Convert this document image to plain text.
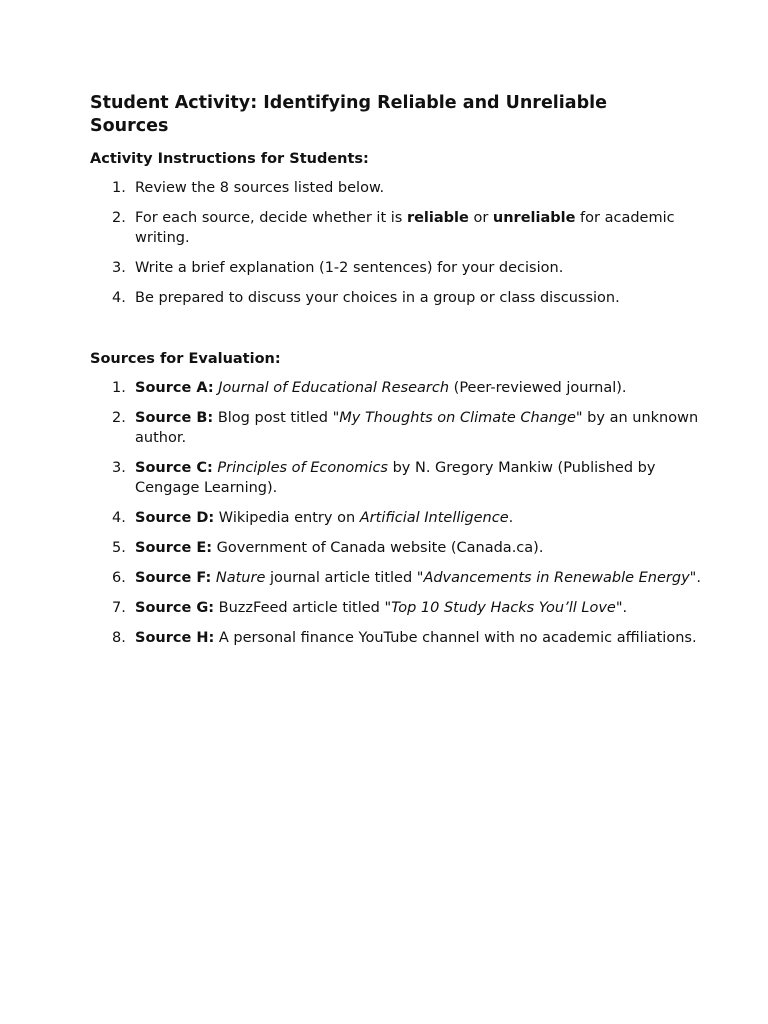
Student Activity: Identifying Reliable and Unreliable Sources
Activity Instructions for Students:
1. Review the 8 sources listed below.
2. For each source, decide whether it is reliable or unreliable for academic writing.
3. Write a brief explanation (1-2 sentences) for your decision.
4. Be prepared to discuss your choices in a group or class discussion.
Sources for Evaluation:
1. Source A: Journal of Educational Research (Peer-reviewed journal).
2. Source B: Blog post titled "My Thoughts on Climate Change" by an unknown author.
3. Source C: Principles of Economics by N. Gregory Mankiw (Published by Cengage Learning).
4. Source D: Wikipedia entry on Artificial Intelligence.
5. Source E: Government of Canada website (Canada.ca).
6. Source F: Nature journal article titled "Advancements in Renewable Energy".
7. Source G: BuzzFeed article titled "Top 10 Study Hacks You’ll Love".
8. Source H: A personal finance YouTube channel with no academic affiliations.
